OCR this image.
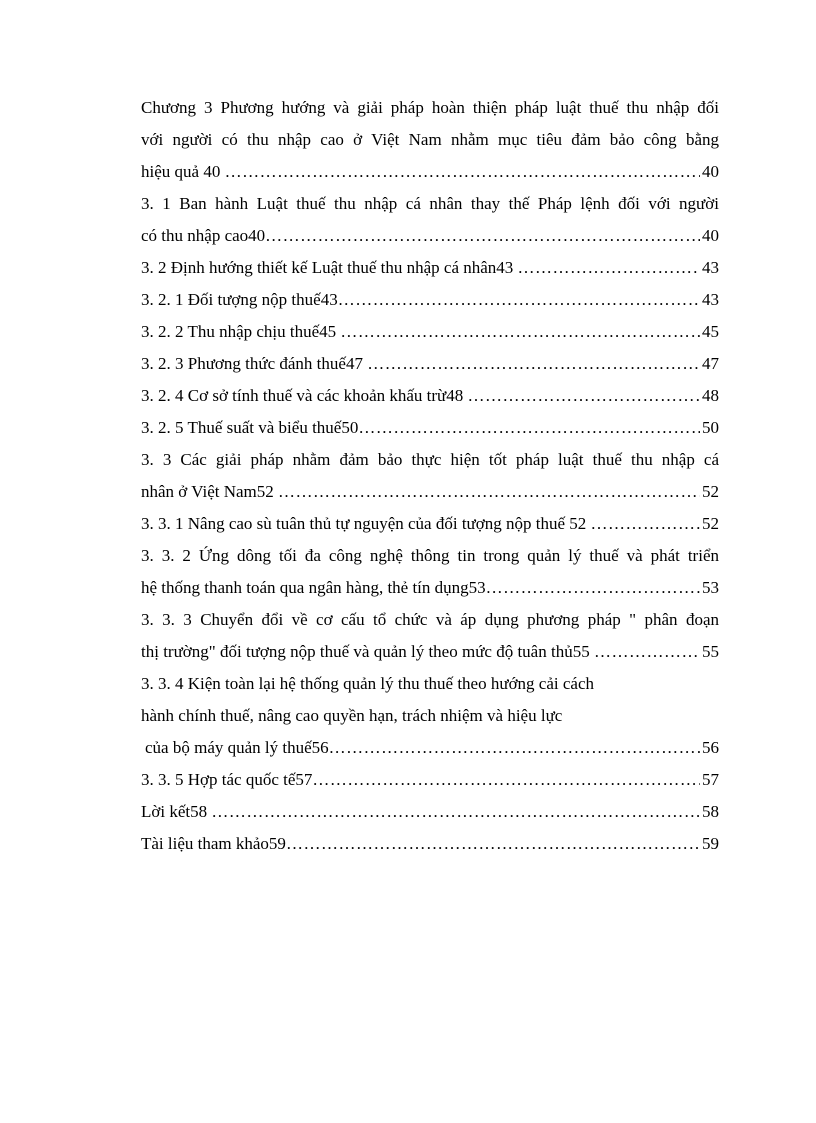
Chương 3 Phương hướng và giải pháp hoàn thiện pháp luật thuế thu nhập đối
với người có thu nhập cao ở Việt Nam nhằm mục tiêu đảm bảo công bằng
hiệu quả 40 …………………………………………………………………………………………………………………………………………………………………………………………………………	40
3. 1 Ban hành Luật thuế thu nhập cá nhân thay thế Pháp lệnh đối với người
có thu nhập cao40 …………………………………………………………………………………………………………………………………………………………………………………………………………	40
3. 2 Định hướng thiết kế Luật thuế thu nhập cá nhân43 …………………………………………………………………………………………………………………………………………………………………………………………………………	43
3. 2. 1 Đối tượng nộp thuế43 …………………………………………………………………………………………………………………………………………………………………………………………………………	43
3. 2. 2 Thu nhập chịu thuế45 …………………………………………………………………………………………………………………………………………………………………………………………………………	45
3. 2. 3 Phương thức đánh thuế47 …………………………………………………………………………………………………………………………………………………………………………………………………………	47
3. 2. 4 Cơ sở tính thuế và các khoản khấu trừ48 …………………………………………………………………………………………………………………………………………………………………………………………………………	48
3. 2. 5 Thuế suất và biểu thuế50 …………………………………………………………………………………………………………………………………………………………………………………………………………	50
3. 3 Các giải pháp nhằm đảm bảo thực hiện tốt pháp luật thuế thu nhập cá
nhân ở Việt Nam52 …………………………………………………………………………………………………………………………………………………………………………………………………………	52
3. 3. 1 Nâng cao sù tuân thủ tự nguyện của đối tượng nộp thuế 52 …………………………………………………………………………………………………………………………………………………………………………………………………………	52
3. 3. 2 Ứng dông tối đa công nghệ thông tin trong quản lý thuế và phát triển
hệ thống thanh toán qua ngân hàng, thẻ tín dụng53 …………………………………………………………………………………………………………………………………………………………………………………………………………	53
3. 3. 3 Chuyển đổi về cơ cấu tổ chức và áp dụng phương pháp " phân đoạn
thị trường" đối tượng nộp thuế và quản lý theo mức độ tuân thủ55 …………………………………………………………………………………………………………………………………………………………………………………………………………	55
3. 3. 4 Kiện toàn lại hệ thống quản lý thu thuế theo hướng cải cách
hành chính thuế, nâng cao quyền hạn, trách nhiệm và hiệu lực
của bộ máy quản lý thuế56 …………………………………………………………………………………………………………………………………………………………………………………………………………	56
3. 3. 5 Hợp tác quốc tế57 …………………………………………………………………………………………………………………………………………………………………………………………………………	57
Lời kết58 …………………………………………………………………………………………………………………………………………………………………………………………………………	58
Tài liệu tham khảo59 …………………………………………………………………………………………………………………………………………………………………………………………………………	59
